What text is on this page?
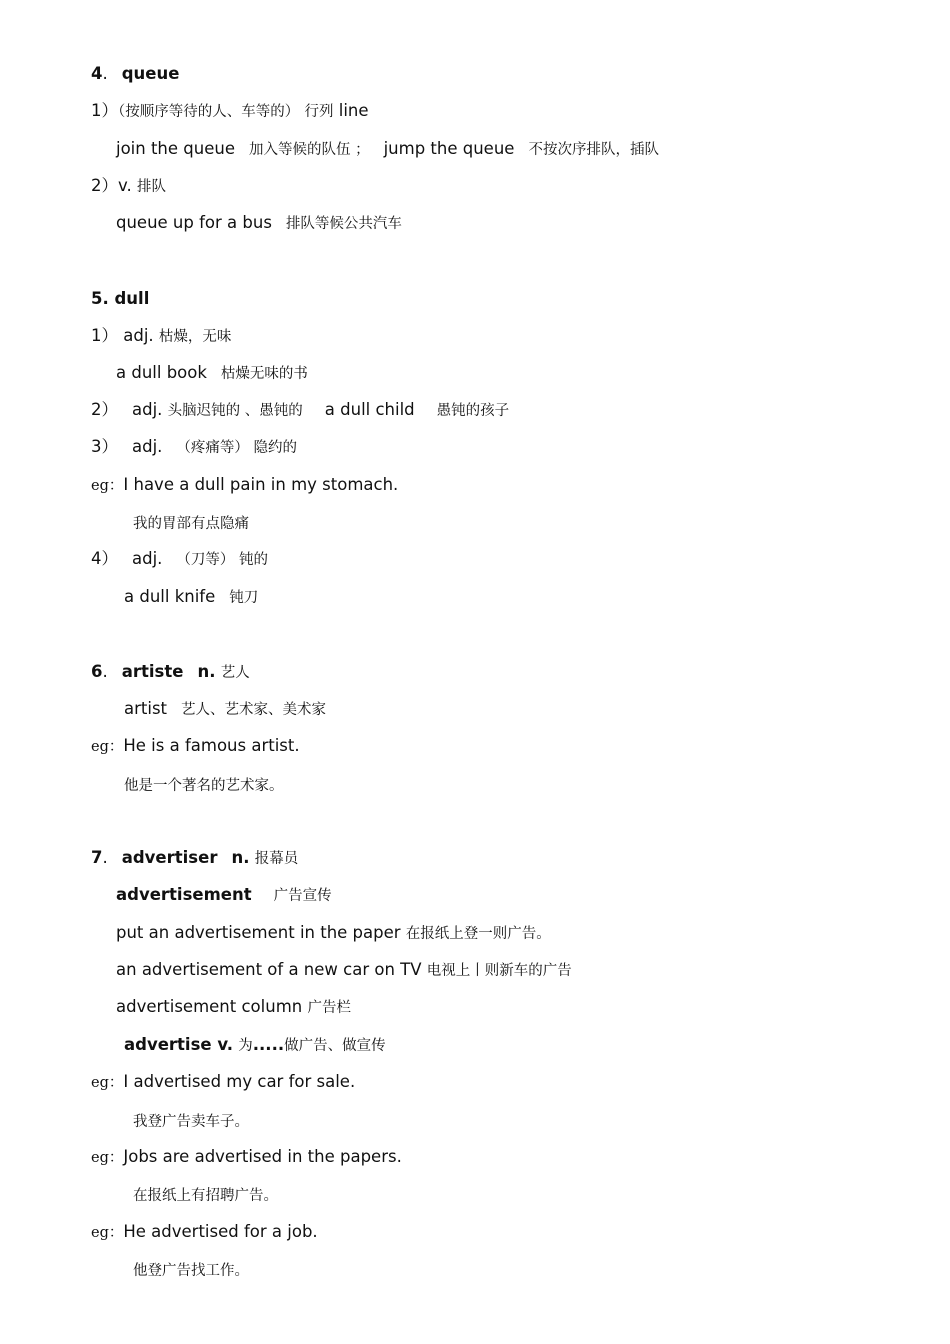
4. queue
1）（按顺序等待的人、车等的） 行列 line
join the queue 加入等候的队伍 ； jump the queue 不按次序排队，插队
2）v. 排队
queue up for a bus 排队等候公共汽车
5. dull
1） adj. 枯燥，无味
a dull book 枯燥无味的书
2） adj. 头脑迟钝的 、愚钝的 a dull child 愚钝的孩子
3） adj. （疼痛等） 隐约的
eg：I have a dull pain in my stomach.
我的胃部有点隐痛
4） adj. （刀等） 钝的
a dull knife 钝刀
6. artiste n. 艺人
artist 艺人、艺术家、美术家
eg：He is a famous artist.
他是一个著名的艺术家。
7. advertiser n. 报幕员
advertisement 广告宣传
put an advertisement in the paper 在报纸上登一则广告。
an advertisement of a new car on TV 电视上丨则新车的广告
advertisement column 广告栏
advertise v. 为.....做广告、做宣传
eg：I advertised my car for sale.
我登广告卖车子。
eg：Jobs are advertised in the papers.
在报纸上有招聘广告。
eg：He advertised for a job.
他登广告找工作。
